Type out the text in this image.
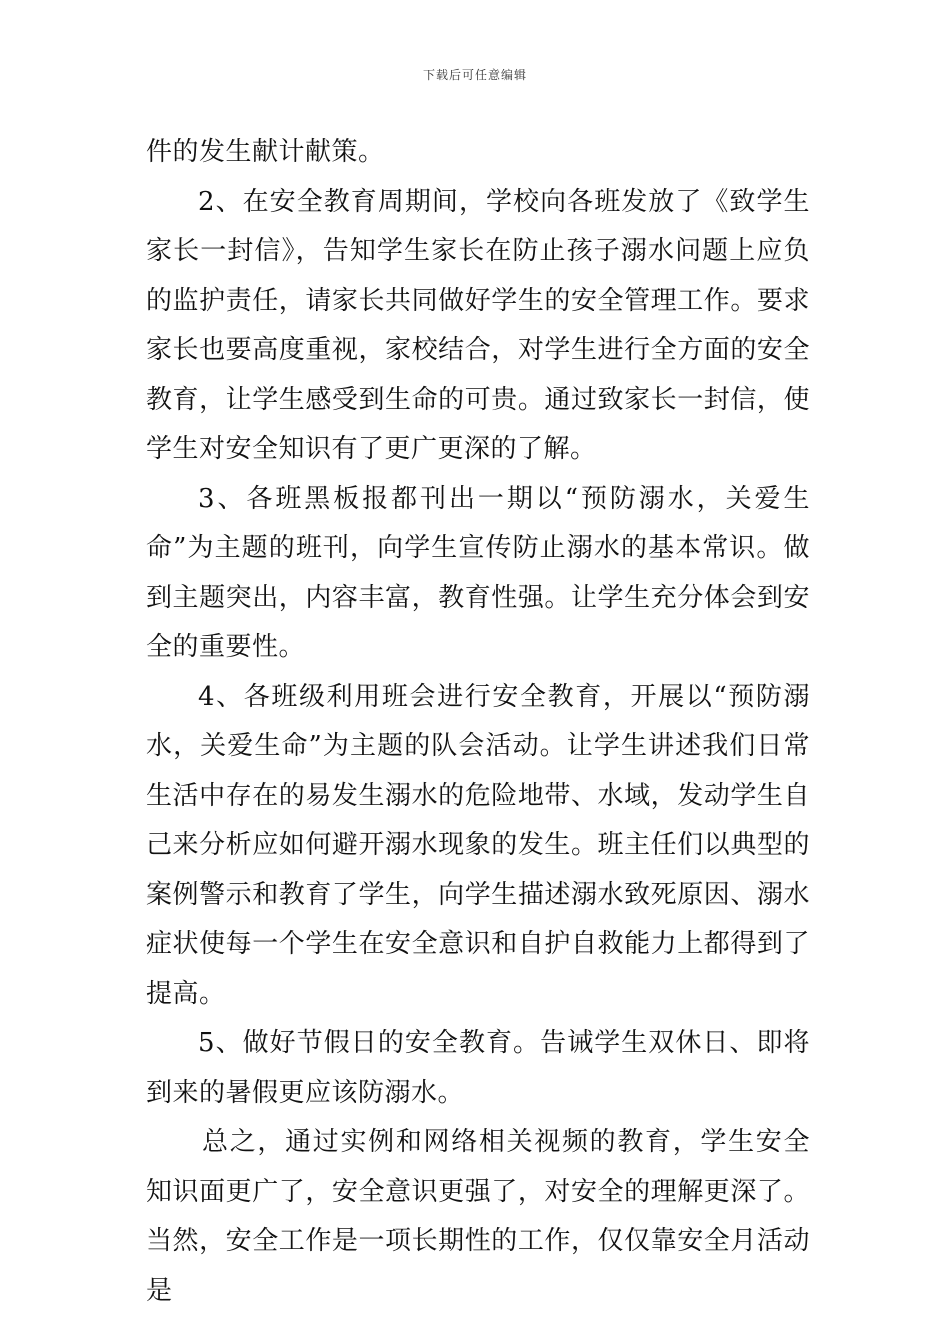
下载后可任意编辑

件的发生献计献策。

2、在安全教育周期间，学校向各班发放了《致学生家长一封信》，告知学生家长在防止孩子溺水问题上应负的监护责任，请家长共同做好学生的安全管理工作。要求家长也要高度重视，家校结合，对学生进行全方面的安全教育，让学生感受到生命的可贵。通过致家长一封信，使学生对安全知识有了更广更深的了解。

3、各班黑板报都刊出一期以“预防溺水，关爱生命”为主题的班刊，向学生宣传防止溺水的基本常识。做到主题突出，内容丰富，教育性强。让学生充分体会到安全的重要性。

4、各班级利用班会进行安全教育，开展以“预防溺水，关爱生命”为主题的队会活动。让学生讲述我们日常生活中存在的易发生溺水的危险地带、水域，发动学生自己来分析应如何避开溺水现象的发生。班主任们以典型的案例警示和教育了学生，向学生描述溺水致死原因、溺水症状使每一个学生在安全意识和自护自救能力上都得到了提高。

5、做好节假日的安全教育。告诫学生双休日、即将到来的暑假更应该防溺水。

总之，通过实例和网络相关视频的教育，学生安全知识面更广了，安全意识更强了，对安全的理解更深了。当然，安全工作是一项长期性的工作，仅仅靠安全月活动是
